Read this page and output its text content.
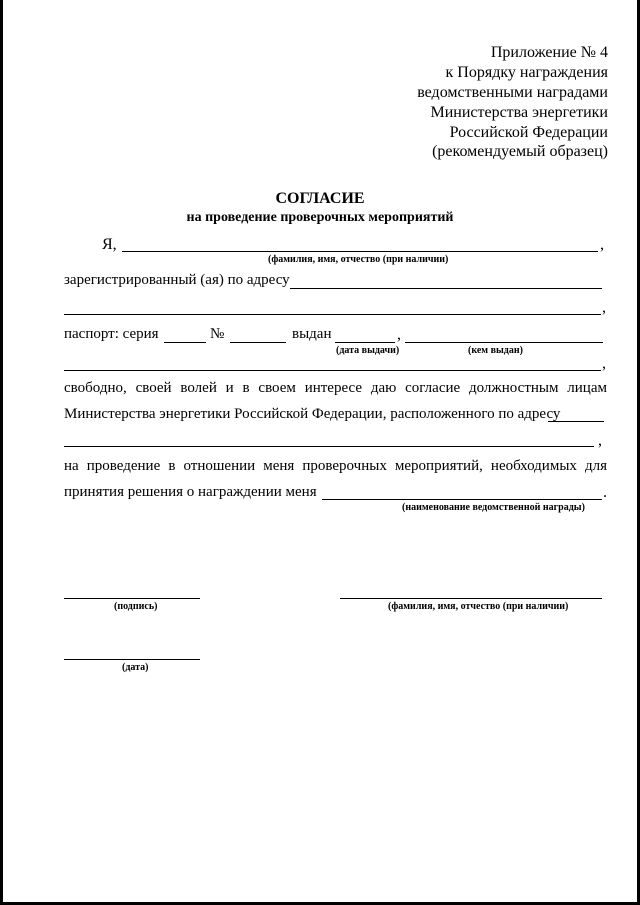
Приложение № 4
к Порядку награждения
ведомственными наградами
Министерства энергетики
Российской Федерации
(рекомендуемый образец)
СОГЛАСИЕ
на проведение проверочных мероприятий
Я,	,
(фамилия, имя, отчество (при наличии)
зарегистрированный (ая) по адресу
,
паспорт: серия	№	выдан	,
(дата выдачи)	(кем выдан)
,
свободно, своей волей и в своем интересе даю согласие должностным лицам
Министерства энергетики Российской Федерации, расположенного по адресу
,
на проведение в отношении меня проверочных мероприятий, необходимых для
принятия решения о награждении меня	.
(наименование ведомственной награды)
(подпись)	(фамилия, имя, отчество (при наличии)
(дата)
